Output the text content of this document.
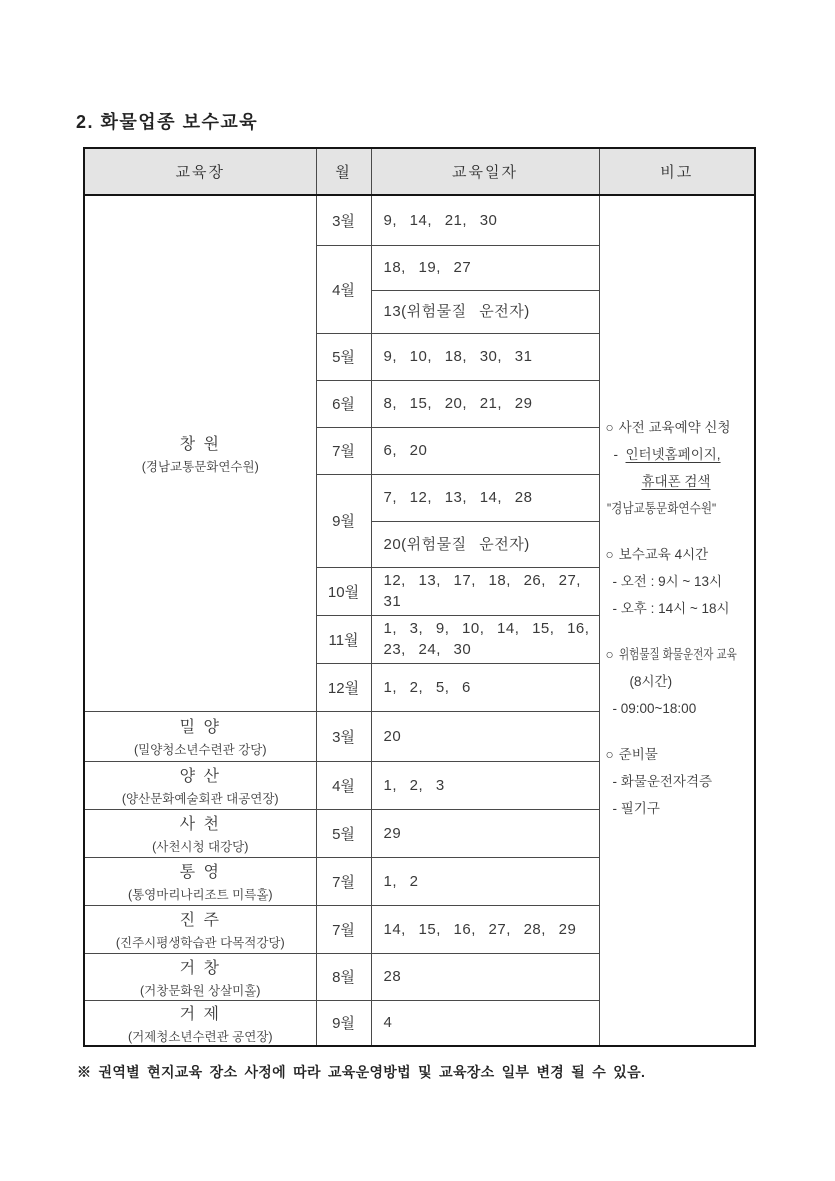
2. 화물업종 보수교육
교육장	월	교육일자	비고

창 원
(경남교통문화연수원)
	3월	9, 14, 21, 30	
○ 사전 교육예약 신청
- 인터넷홈페이지,
휴대폰 검색
"경남교통문화연수원"
○ 보수교육 4시간
- 오전 : 9시 ~ 13시
- 오후 : 14시 ~ 18시
○ 위험물질 화물운전자 교육
(8시간)
- 09:00~18:00
○ 준비물
- 화물운전자격증
- 필기구

	4월	18, 19, 27	
		13(위험물질 운전자)	
	5월	9, 10, 18, 30, 31	
	6월	8, 15, 20, 21, 29	
	7월	6, 20	
	9월	7, 12, 13, 14, 28	
		20(위험물질 운전자)	
	10월	12, 13, 17, 18, 26, 27, 31	
	11월	1, 3, 9, 10, 14, 15, 16, 23, 24, 30	
	12월	1, 2, 5, 6	

밀 양
(밀양청소년수련관 강당)	3월	20	

양 산
(양산문화예술회관 대공연장)	4월	1, 2, 3	

사 천
(사천시청 대강당)	5월	29	

통 영
(통영마리나리조트 미륵홀)	7월	1, 2	

진 주
(진주시평생학습관 다목적강당)	7월	14, 15, 16, 27, 28, 29	

거 창
(거창문화원 상살미홀)	8월	28	

거 제
(거제청소년수련관 공연장)	9월	4	
※ 권역별 현지교육 장소 사정에 따라 교육운영방법 및 교육장소 일부 변경 될 수 있음.
